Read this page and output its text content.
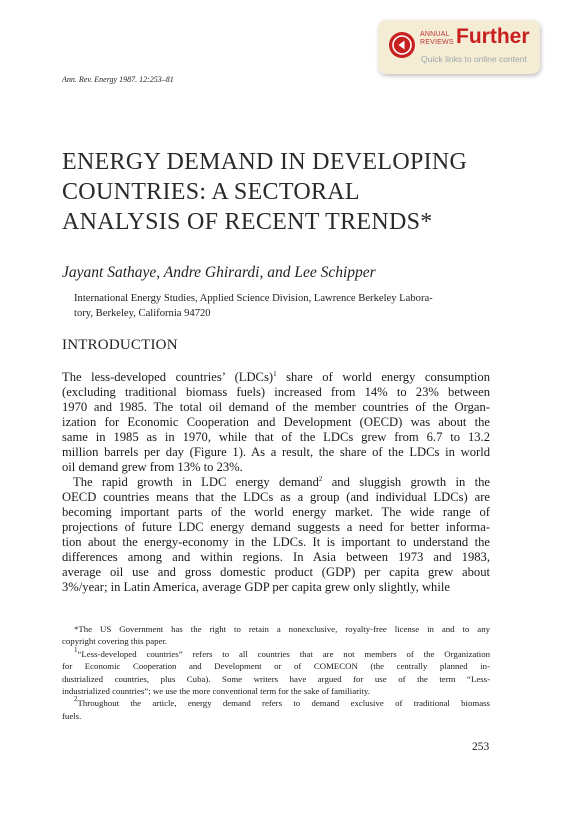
ANNUAL
REVIEWS Further
Quick links to online content
Ann. Rev. Energy 1987. 12:253–81
ENERGY DEMAND IN DEVELOPING
COUNTRIES: A SECTORAL
ANALYSIS OF RECENT TRENDS*
Jayant Sathaye, Andre Ghirardi, and Lee Schipper
International Energy Studies, Applied Science Division, Lawrence Berkeley Labora-
tory, Berkeley, California 94720
INTRODUCTION
The less-developed countries’ (LDCs)$^1$ share of world energy consumption
(excluding traditional biomass fuels) increased from 14% to 23% between
1970 and 1985. The total oil demand of the member countries of the Organ-
ization for Economic Cooperation and Development (OECD) was about the
same in 1985 as in 1970, while that of the LDCs grew from 6.7 to 13.2
million barrels per day (Figure 1). As a result, the share of the LDCs in world
oil demand grew from 13% to 23%.
The rapid growth in LDC energy demand$^2$ and sluggish growth in the
OECD countries means that the LDCs as a group (and individual LDCs) are
becoming important parts of the world energy market. The wide range of
projections of future LDC energy demand suggests a need for better informa-
tion about the energy-economy in the LDCs. It is important to understand the
differences among and within regions. In Asia between 1973 and 1983,
average oil use and gross domestic product (GDP) per capita grew about
3%/year; in Latin America, average GDP per capita grew only slightly, while
*The US Government has the right to retain a nonexclusive, royalty-free license in and to any
copyright covering this paper.
$^1$“Less-developed countries” refers to all countries that are not members of the Organization
for Economic Cooperation and Development or of COMECON (the centrally planned in-
dustrialized countries, plus Cuba). Some writers have argued for use of the term “Less-
industrialized countries”; we use the more conventional term for the sake of familiarity.
$^2$Throughout the article, energy demand refers to demand exclusive of traditional biomass
fuels.
253
